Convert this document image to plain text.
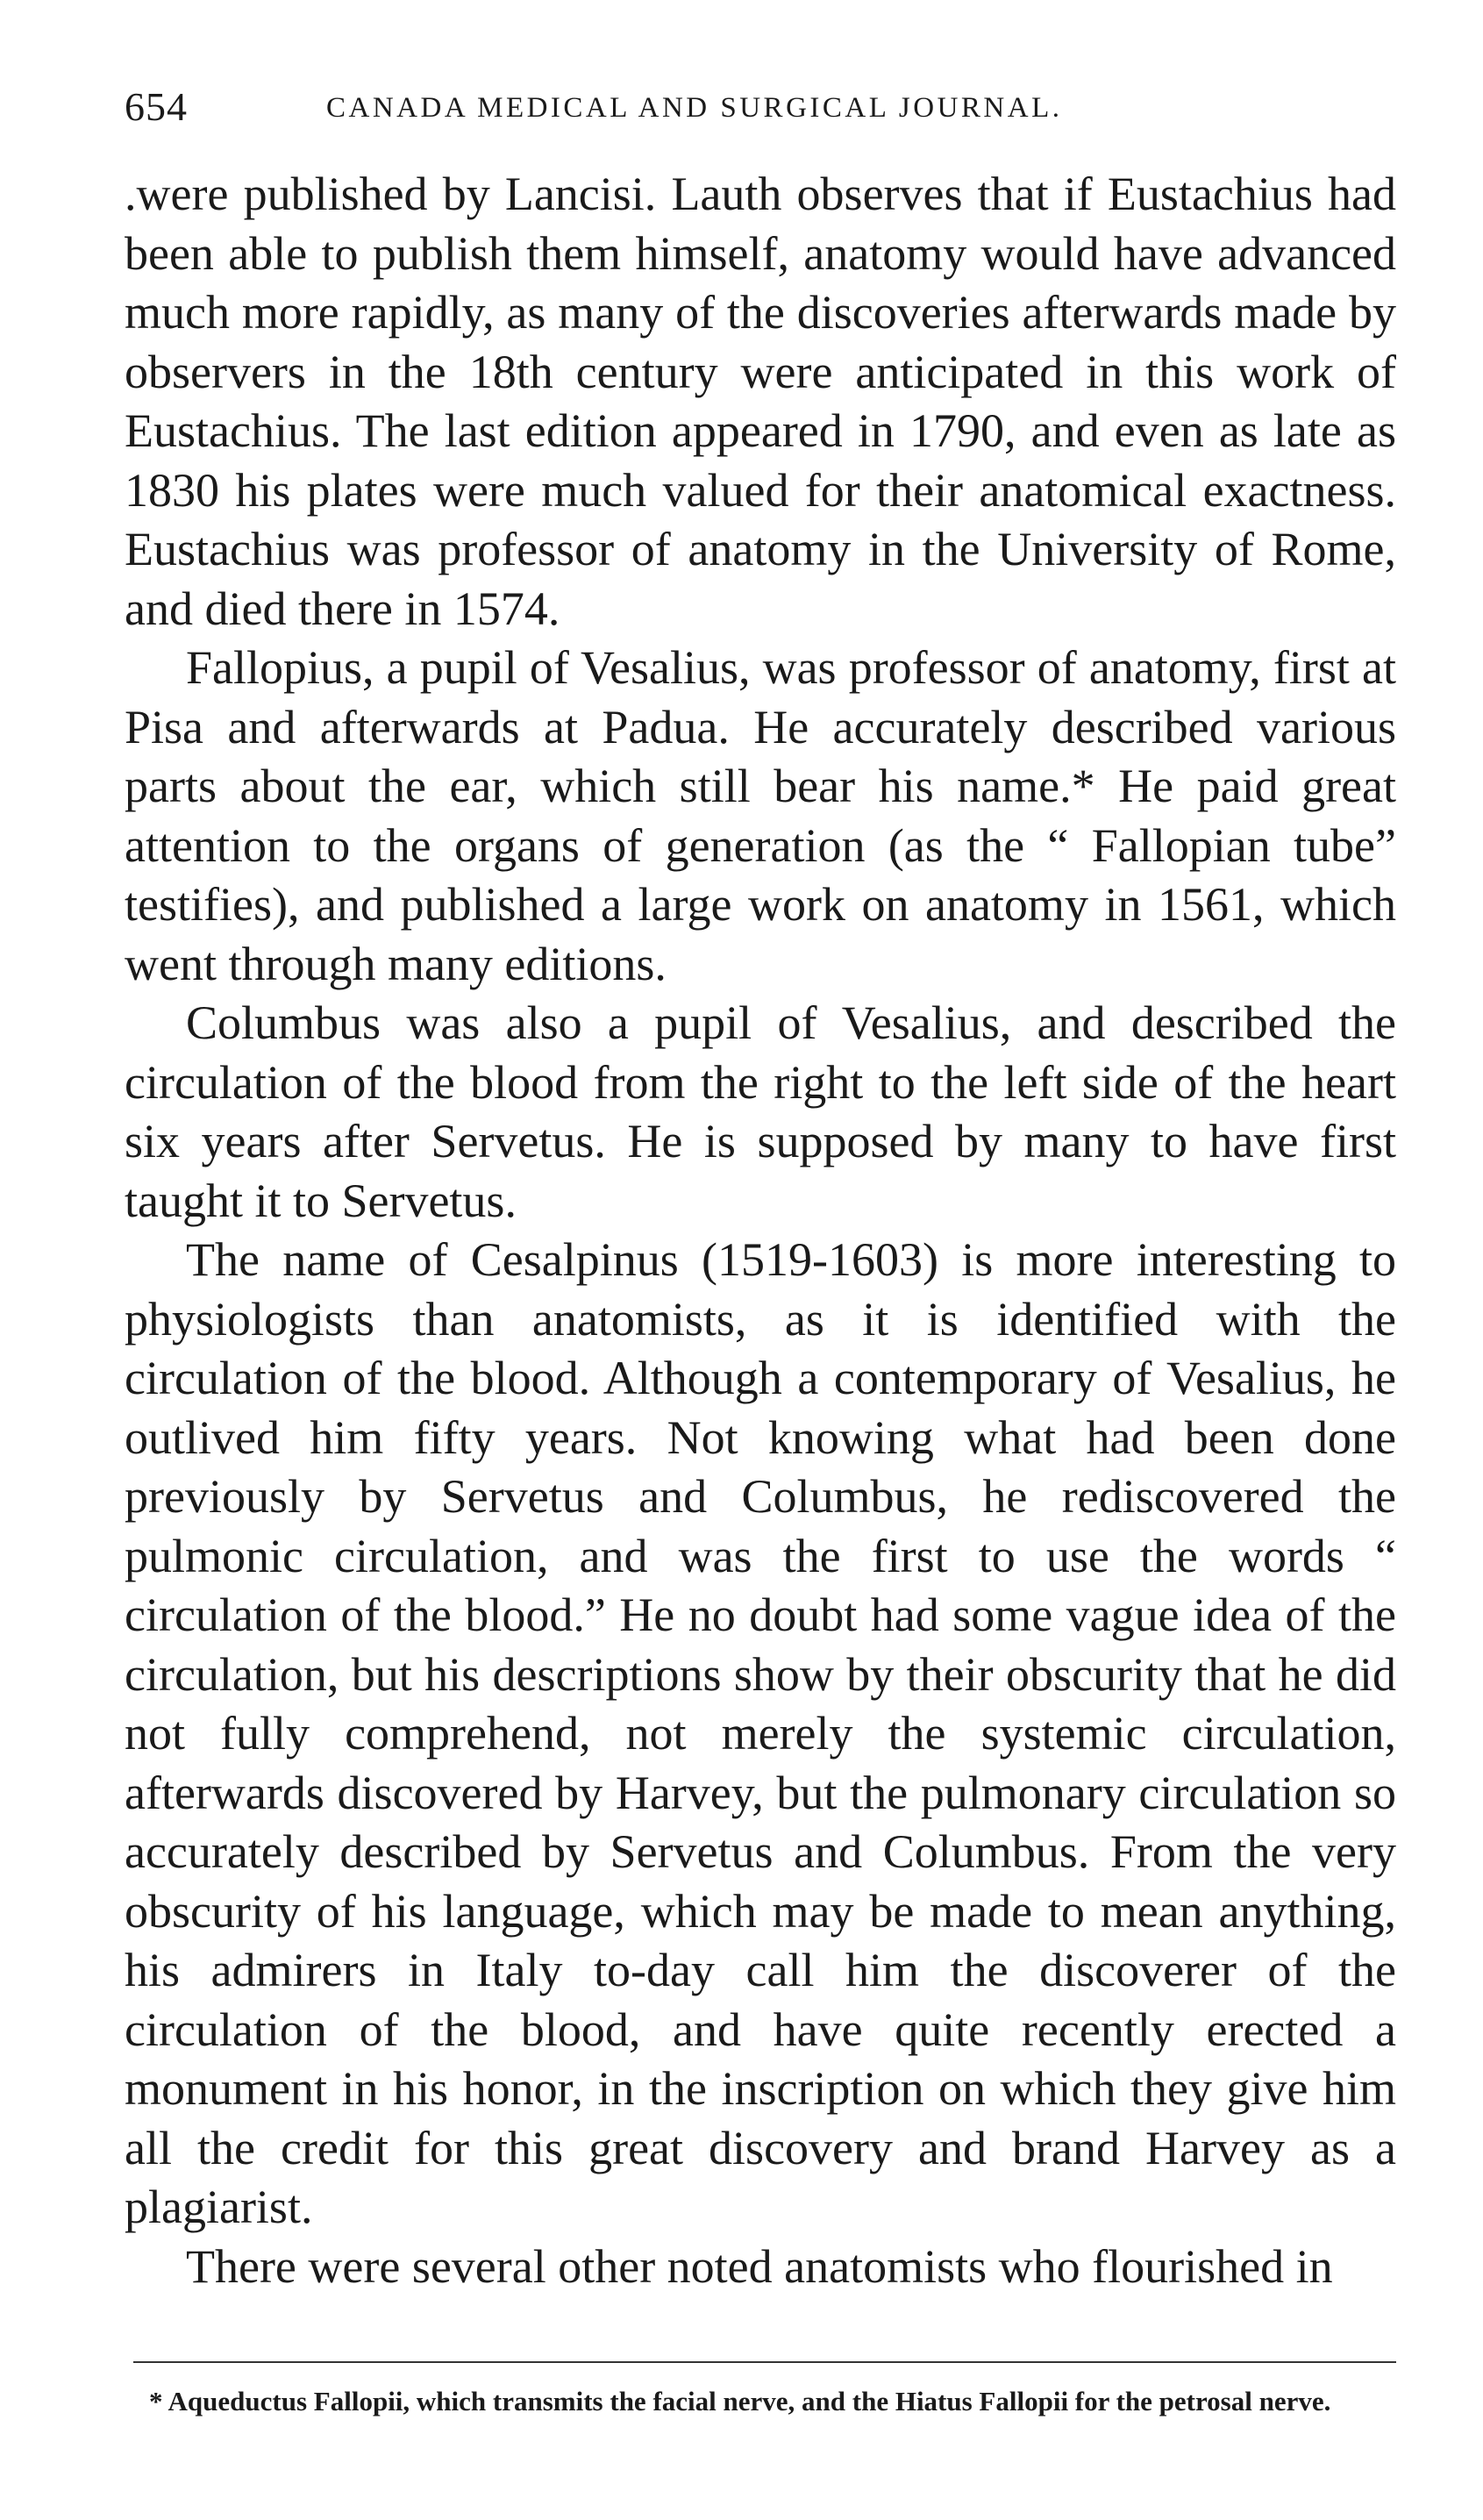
654	CANADA MEDICAL AND SURGICAL JOURNAL.

.were published by Lancisi. Lauth observes that if Eustachius had been able to publish them himself, anatomy would have advanced much more rapidly, as many of the discoveries afterwards made by observers in the 18th century were anticipated in this work of Eustachius. The last edition appeared in 1790, and even as late as 1830 his plates were much valued for their anatomical exactness. Eustachius was professor of anatomy in the University of Rome, and died there in 1574.

Fallopius, a pupil of Vesalius, was professor of anatomy, first at Pisa and afterwards at Padua. He accurately described various parts about the ear, which still bear his name.* He paid great attention to the organs of generation (as the “ Fallopian tube” testifies), and published a large work on anatomy in 1561, which went through many editions.

Columbus was also a pupil of Vesalius, and described the circulation of the blood from the right to the left side of the heart six years after Servetus. He is supposed by many to have first taught it to Servetus.

The name of Cesalpinus (1519-1603) is more interesting to physiologists than anatomists, as it is identified with the circulation of the blood. Although a contemporary of Vesalius, he outlived him fifty years. Not knowing what had been done previously by Servetus and Columbus, he rediscovered the pulmonic circulation, and was the first to use the words “ circulation of the blood.” He no doubt had some vague idea of the circulation, but his descriptions show by their obscurity that he did not fully comprehend, not merely the systemic circulation, afterwards discovered by Harvey, but the pulmonary circulation so accurately described by Servetus and Columbus. From the very obscurity of his language, which may be made to mean anything, his admirers in Italy to-day call him the discoverer of the circulation of the blood, and have quite recently erected a monument in his honor, in the inscription on which they give him all the credit for this great discovery and brand Harvey as a plagiarist.

There were several other noted anatomists who flourished in

* Aqueductus Fallopii, which transmits the facial nerve, and the Hiatus Fallopii for the petrosal nerve.
